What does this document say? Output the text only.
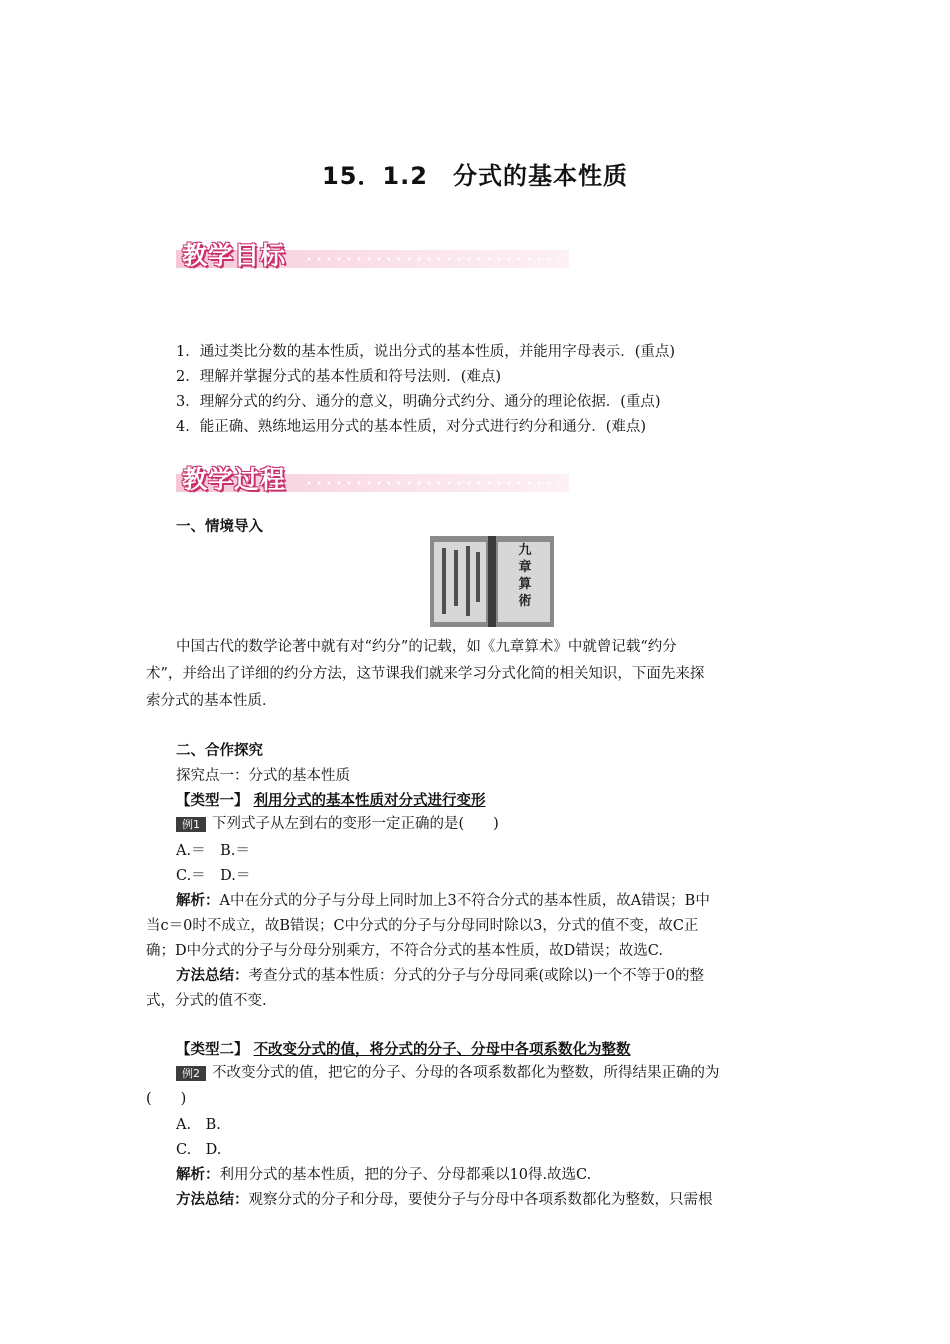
15．1.2　分式的基本性质
教学目标
1．通过类比分数的基本性质，说出分式的基本性质，并能用字母表示．(重点)
2．理解并掌握分式的基本性质和符号法则．(难点)
3．理解分式的约分、通分的意义，明确分式约分、通分的理论依据．(重点)
4．能正确、熟练地运用分式的基本性质，对分式进行约分和通分．(难点)
教学过程
一、情境导入
九章算術
中国古代的数学论著中就有对“约分”的记载，如《九章算术》中就曾记载“约分
术”，并给出了详细的约分方法，这节课我们就来学习分式化简的相关知识，下面先来探
索分式的基本性质．
二、合作探究
探究点一：分式的基本性质
【类型一】 利用分式的基本性质对分式进行变形
例1 下列式子从左到右的变形一定正确的是(　　)
A.＝　B.＝
C.＝　D.＝
解析：A中在分式的分子与分母上同时加上3不符合分式的基本性质，故A错误；B中
当c＝0时不成立，故B错误；C中分式的分子与分母同时除以3，分式的值不变，故C正
确；D中分式的分子与分母分别乘方，不符合分式的基本性质，故D错误；故选C.
方法总结：考查分式的基本性质：分式的分子与分母同乘(或除以)一个不等于0的整
式，分式的值不变.
【类型二】 不改变分式的值，将分式的分子、分母中各项系数化为整数
例2 不改变分式的值，把它的分子、分母的各项系数都化为整数，所得结果正确的为
(　　)
A.　B.
C.　D.
解析：利用分式的基本性质，把的分子、分母都乘以10得.故选C.
方法总结：观察分式的分子和分母，要使分子与分母中各项系数都化为整数，只需根
